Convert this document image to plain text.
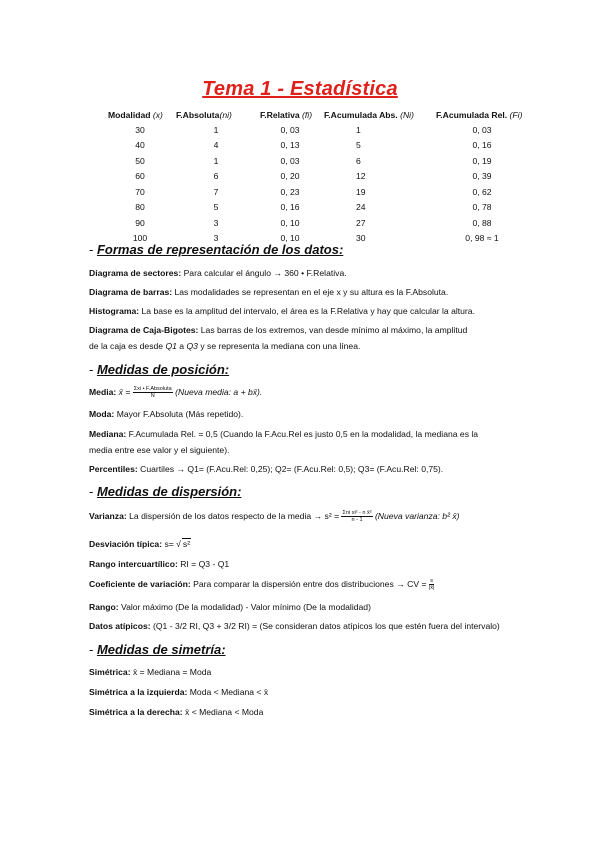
Tema 1 - Estadística
Modalidad (x)	F.Absoluta(ni)	F.Relativa (fi)	F.Acumulada Abs. (Ni)	F.Acumulada Rel. (Fi)
30	1	0, 03	1	0, 03
40	4	0, 13	5	0, 16
50	1	0, 03	6	0, 19
60	6	0, 20	12	0, 39
70	7	0, 23	19	0, 62
80	5	0, 16	24	0, 78
90	3	0, 10	27	0, 88
100	3	0, 10	30	0, 98 ≈ 1
- Formas de representación de los datos:
Diagrama de sectores: Para calcular el ángulo → 360 • F.Relativa.
Diagrama de barras: Las modalidades se representan en el eje x y su altura es la F.Absoluta.
Histograma: La base es la amplitud del intervalo, el área es la F.Relativa y hay que calcular la altura.
Diagrama de Caja-Bigotes: Las barras de los extremos, van desde mínimo al máximo, la amplitud
de la caja es desde Q1 a Q3 y se representa la mediana con una línea.
- Medidas de posición:
Media: x̄ = $\frac{\text{Σxi • F.Absoluta}}{N}$ (Nueva media: a + bx̄).
Moda: Mayor F.Absoluta (Más repetido).
Mediana: F.Acumulada Rel. = 0,5 (Cuando la F.Acu.Rel es justo 0,5 en la modalidad, la mediana es la
media entre ese valor y el siguiente).
Percentiles: Cuartiles → Q1= (F.Acu.Rel: 0,25); Q2= (F.Acu.Rel: 0,5); Q3= (F.Acu.Rel: 0,75).
- Medidas de dispersión:
Varianza: La dispersión de los datos respecto de la media → $s^2 = \frac{\text{Σni xi² - n x̄²}}{n - 1}$ (Nueva varianza: b² x̄)
Desviación típica: s= √ s²
Rango intercuartílico: RI = Q3 - Q1
Coeficiente de variación: Para comparar la dispersión entre dos distribuciones → CV = $\frac{s}{|x̄|}$
Rango: Valor máximo (De la modalidad) - Valor mínimo (De la modalidad)
Datos atípicos: (Q1 - 3/2 RI, Q3 + 3/2 RI) = (Se consideran datos atípicos los que estén fuera del intervalo)
- Medidas de simetría:
Simétrica: x̄ = Mediana = Moda
Simétrica a la izquierda: Moda < Mediana < x̄
Simétrica a la derecha: x̄ < Mediana < Moda
